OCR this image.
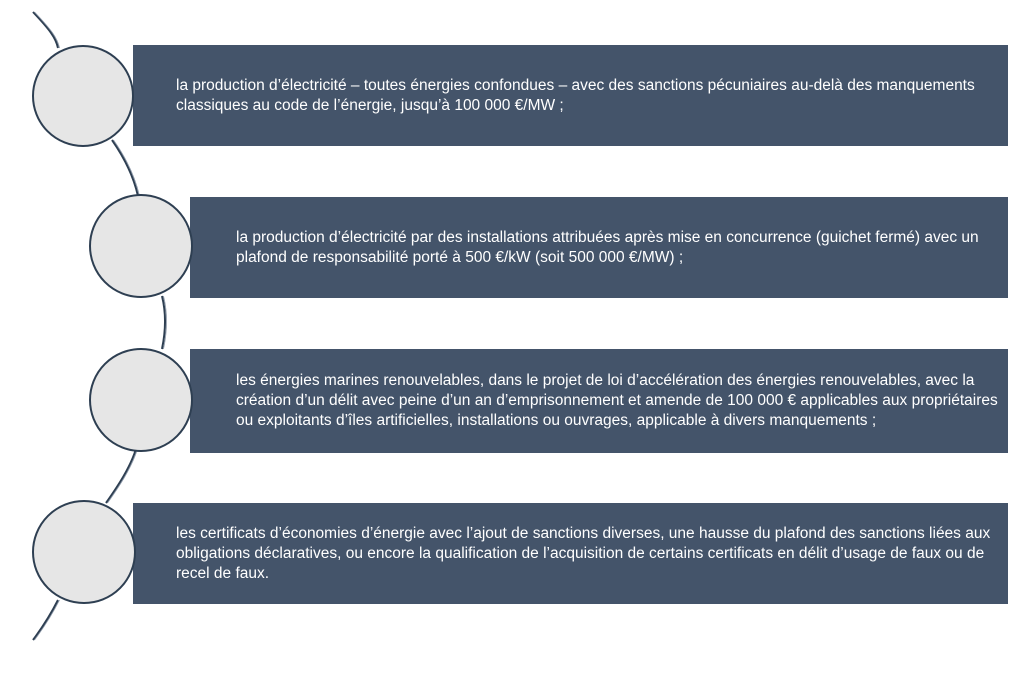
la production d’électricité – toutes énergies confondues – avec des sanctions pécuniaires au-delà des manquements classiques au code de l’énergie, jusqu’à 100 000 €/MW ;
la production d’électricité par des installations attribuées après mise en concurrence (guichet fermé) avec un plafond de responsabilité porté à 500 €/kW (soit 500 000 €/MW) ;
les énergies marines renouvelables, dans le projet de loi d’accélération des énergies renouvelables, avec la création d’un délit avec peine d’un an d’emprisonnement et amende de 100 000 € applicables aux propriétaires ou exploitants d’îles artificielles, installations ou ouvrages, applicable à divers manquements ;
les certificats d’économies d’énergie avec l’ajout de sanctions diverses, une hausse du plafond des sanctions liées aux obligations déclaratives, ou encore la qualification de l’acquisition de certains certificats en délit d’usage de faux ou de recel de faux.
